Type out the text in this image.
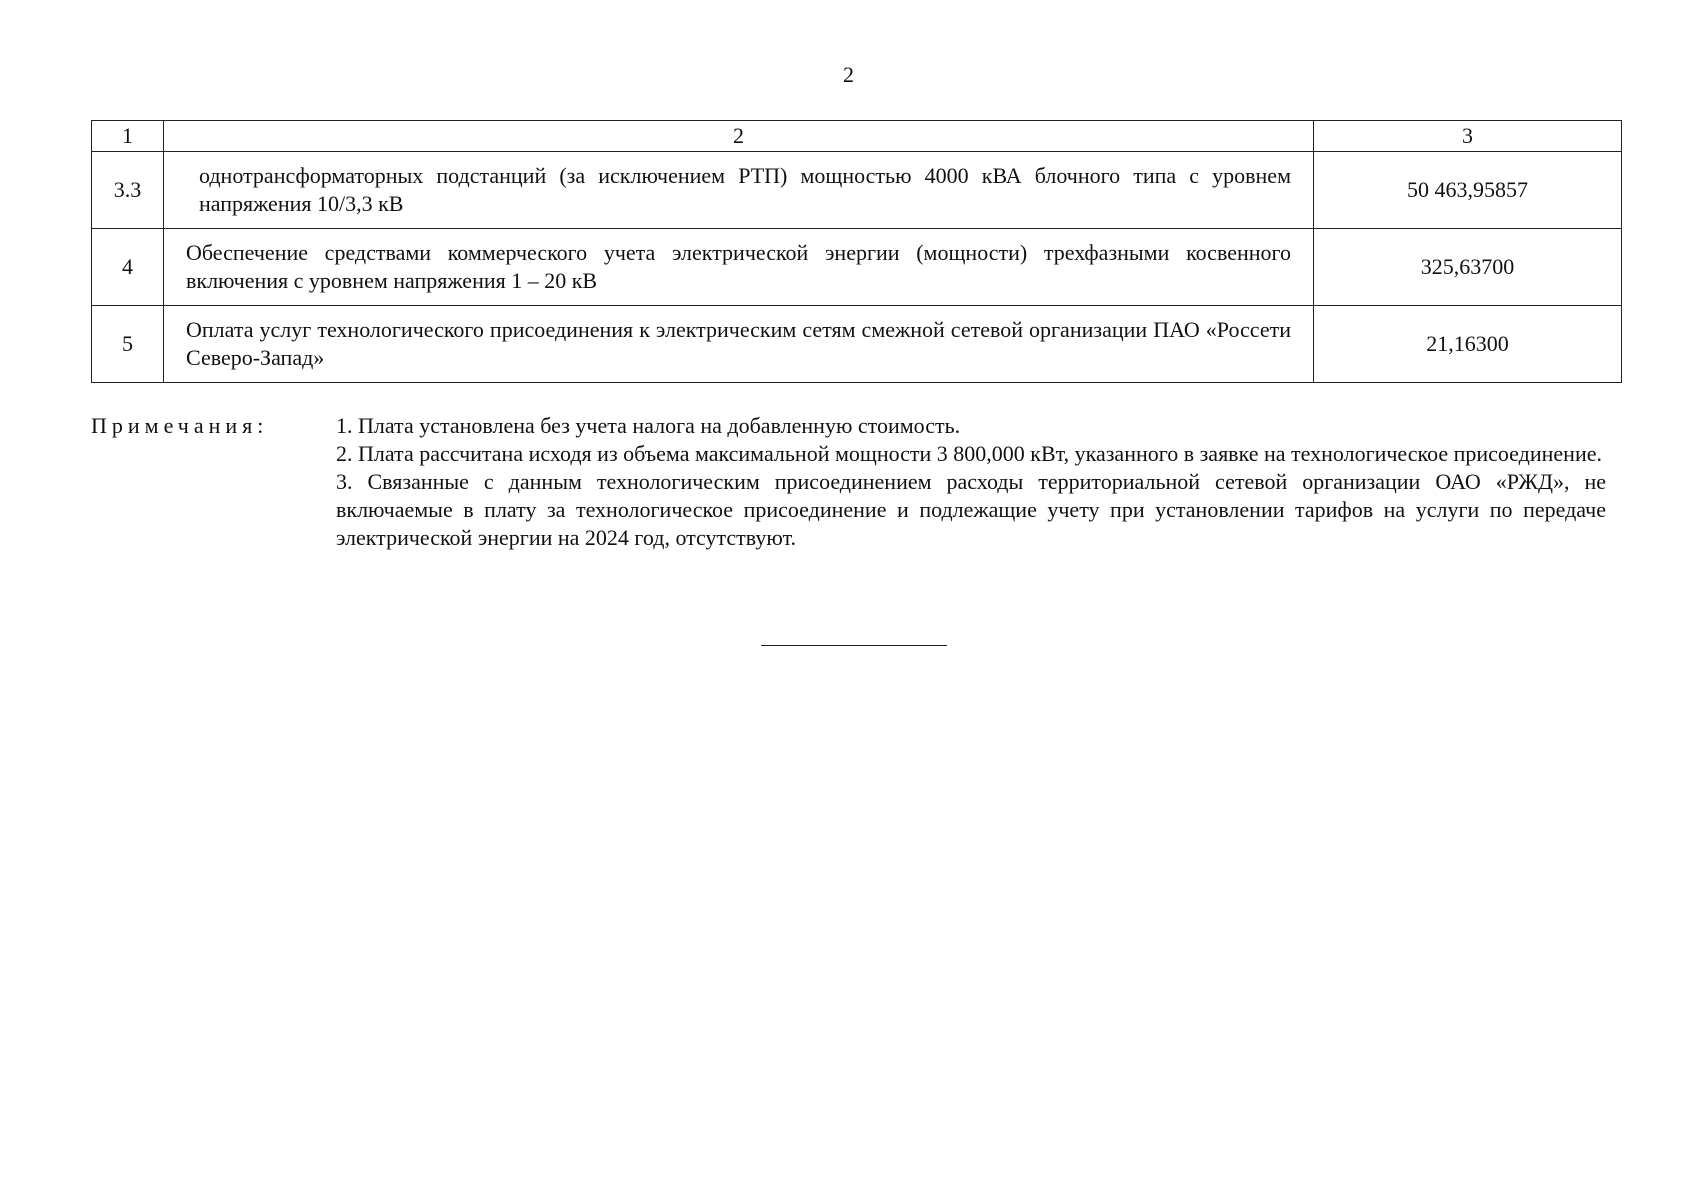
2
1	2	3
3.3	однотрансформаторных подстанций (за исключением РТП) мощностью 4000 кВА блочного типа с уровнем напряжения 10/3,3 кВ	50 463,95857
4	Обеспечение средствами коммерческого учета электрической энергии (мощности) трехфазными косвенного включения с уровнем напряжения 1 – 20 кВ	325,63700
5	Оплата услуг технологического присоединения к электрическим сетям смежной сетевой организации ПАО «Россети Северо-Запад»	21,16300
Примечания:	1. Плата установлена без учета налога на добавленную стоимость.
2. Плата рассчитана исходя из объема максимальной мощности 3 800,000 кВт, указанного в заявке на технологическое присоединение.
3. Связанные с данным технологическим присоединением расходы территориальной сетевой организации ОАО «РЖД», не включаемые в плату за технологическое присоединение и подлежащие учету при установлении тарифов на услуги по передаче электрической энергии на 2024 год, отсутствуют.
